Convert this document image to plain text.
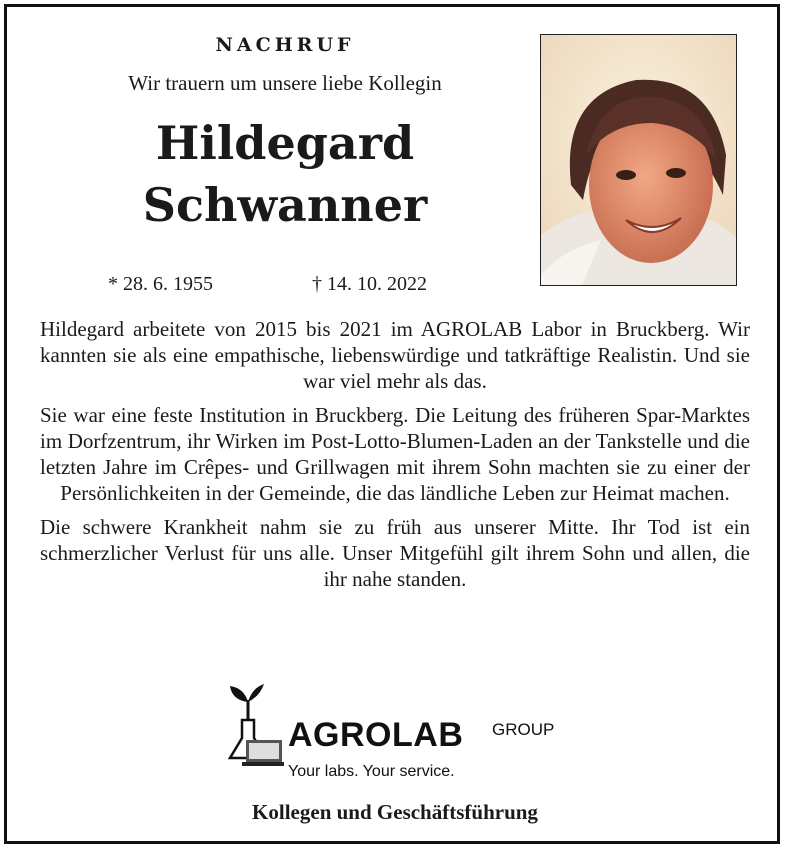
NACHRUF

Wir trauern um unsere liebe Kollegin

Hildegard
Schwanner
* 28. 6. 1955	† 14. 10. 2022

Hildegard arbeitete von 2015 bis 2021 im AGROLAB Labor in Bruckberg. Wir kannten sie als eine empathische, liebenswürdige und tatkräftige Realistin. Und sie war viel mehr als das.

Sie war eine feste Institution in Bruckberg. Die Leitung des früheren Spar-Marktes im Dorfzentrum, ihr Wirken im Post-Lotto-Blumen-Laden an der Tankstelle und die letzten Jahre im Crêpes- und Grillwagen mit ihrem Sohn machten sie zu einer der Persönlichkeiten in der Gemeinde, die das ländliche Leben zur Heimat machen.

Die schwere Krankheit nahm sie zu früh aus unserer Mitte. Ihr Tod ist ein schmerzlicher Verlust für uns alle. Unser Mitgefühl gilt ihrem Sohn und allen, die ihr nahe standen.

AGROLAB GROUP
Your labs. Your service.
Kollegen und Geschäftsführung
